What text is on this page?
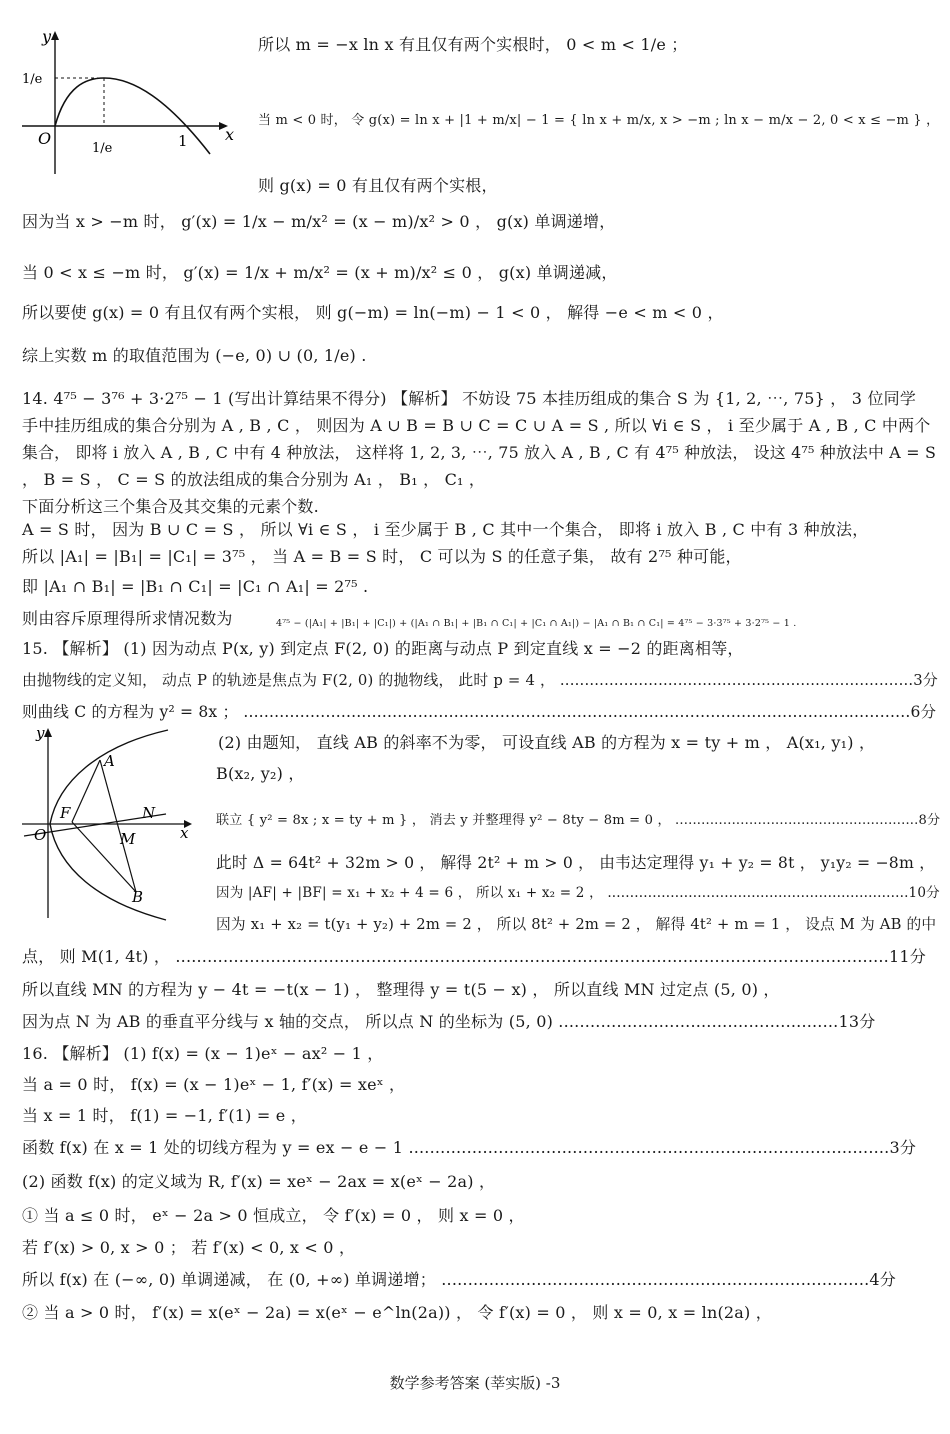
y
x
O
1/e
1/e	1
所以 m = −x ln x 有且仅有两个实根时， 0 < m < 1/e ；
当 m < 0 时， 令 g(x) = ln x + |1 + m/x| − 1 = { ln x + m/x, x > −m ; ln x − m/x − 2, 0 < x ≤ −m } ，
则 g(x) = 0 有且仅有两个实根，
因为当 x > −m 时， g′(x) = 1/x − m/x² = (x − m)/x² > 0 ， g(x) 单调递增，
当 0 < x ≤ −m 时， g′(x) = 1/x + m/x² = (x + m)/x² ≤ 0 ， g(x) 单调递减，
所以要使 g(x) = 0 有且仅有两个实根， 则 g(−m) = ln(−m) − 1 < 0 ， 解得 −e < m < 0 ，
综上实数 m 的取值范围为 (−e, 0) ∪ (0, 1/e) .
14. 4⁷⁵ − 3⁷⁶ + 3·2⁷⁵ − 1 (写出计算结果不得分) 【解析】 不妨设 75 本挂历组成的集合 S 为 {1, 2, ⋯, 75} ， 3 位同学
手中挂历组成的集合分别为 A , B , C ， 则因为 A ∪ B = B ∪ C = C ∪ A = S , 所以 ∀i ∈ S ， i 至少属于 A , B , C 中两个
集合， 即将 i 放入 A , B , C 中有 4 种放法， 这样将 1, 2, 3, ⋯, 75 放入 A , B , C 有 4⁷⁵ 种放法， 设这 4⁷⁵ 种放法中 A = S
， B = S ， C = S 的放法组成的集合分别为 A₁ ， B₁ ， C₁ ，
下面分析这三个集合及其交集的元素个数.
A = S 时， 因为 B ∪ C = S ， 所以 ∀i ∈ S ， i 至少属于 B , C 其中一个集合， 即将 i 放入 B , C 中有 3 种放法，
所以 |A₁| = |B₁| = |C₁| = 3⁷⁵ ， 当 A = B = S 时， C 可以为 S 的任意子集， 故有 2⁷⁵ 种可能，
即 |A₁ ∩ B₁| = |B₁ ∩ C₁| = |C₁ ∩ A₁| = 2⁷⁵ .
则由容斥原理得所求情况数为	4⁷⁵ − (|A₁| + |B₁| + |C₁|) + (|A₁ ∩ B₁| + |B₁ ∩ C₁| + |C₁ ∩ A₁|) − |A₁ ∩ B₁ ∩ C₁| = 4⁷⁵ − 3·3⁷⁵ + 3·2⁷⁵ − 1 .
15. 【解析】 (1) 因为动点 P(x, y) 到定点 F(2, 0) 的距离与动点 P 到定直线 x = −2 的距离相等，
由抛物线的定义知， 动点 P 的轨迹是焦点为 F(2, 0) 的抛物线， 此时 p = 4 ， ........................................................................3分
则曲线 C 的方程为 y² = 8x ； ..................................................................................................................................6分
y
x
O
F
A
N
M
B
(2) 由题知， 直线 AB 的斜率不为零， 可设直线 AB 的方程为 x = ty + m ， A(x₁, y₁) ，
B(x₂, y₂) ，
联立 { y² = 8x ; x = ty + m } ， 消去 y 并整理得 y² − 8ty − 8m = 0 ， ........................................................8分
此时 Δ = 64t² + 32m > 0 ， 解得 2t² + m > 0 ， 由韦达定理得 y₁ + y₂ = 8t ， y₁y₂ = −8m ，
因为 |AF| + |BF| = x₁ + x₂ + 4 = 6 ， 所以 x₁ + x₂ = 2 ， ...................................................................10分
因为 x₁ + x₂ = t(y₁ + y₂) + 2m = 2 ， 所以 8t² + 2m = 2 ， 解得 4t² + m = 1 ， 设点 M 为 AB 的中
点， 则 M(1, 4t) ， .......................................................................................................................................11分
所以直线 MN 的方程为 y − 4t = −t(x − 1) ， 整理得 y = t(5 − x) ， 所以直线 MN 过定点 (5, 0) ，
因为点 N 为 AB 的垂直平分线与 x 轴的交点， 所以点 N 的坐标为 (5, 0) .....................................................13分
16. 【解析】 (1) f(x) = (x − 1)eˣ − ax² − 1 ，
当 a = 0 时， f(x) = (x − 1)eˣ − 1, f′(x) = xeˣ ，
当 x = 1 时， f(1) = −1, f′(1) = e ，
函数 f(x) 在 x = 1 处的切线方程为 y = ex − e − 1 ...........................................................................................3分
(2) 函数 f(x) 的定义域为 R, f′(x) = xeˣ − 2ax = x(eˣ − 2a) ，
① 当 a ≤ 0 时， eˣ − 2a > 0 恒成立， 令 f′(x) = 0 ， 则 x = 0 ，
若 f′(x) > 0, x > 0 ； 若 f′(x) < 0, x < 0 ，
所以 f(x) 在 (−∞, 0) 单调递减， 在 (0, +∞) 单调递增； .................................................................................4分
② 当 a > 0 时， f′(x) = x(eˣ − 2a) = x(eˣ − e^ln(2a)) ， 令 f′(x) = 0 ， 则 x = 0, x = ln(2a) ，
数学参考答案 (莘实版) -3
